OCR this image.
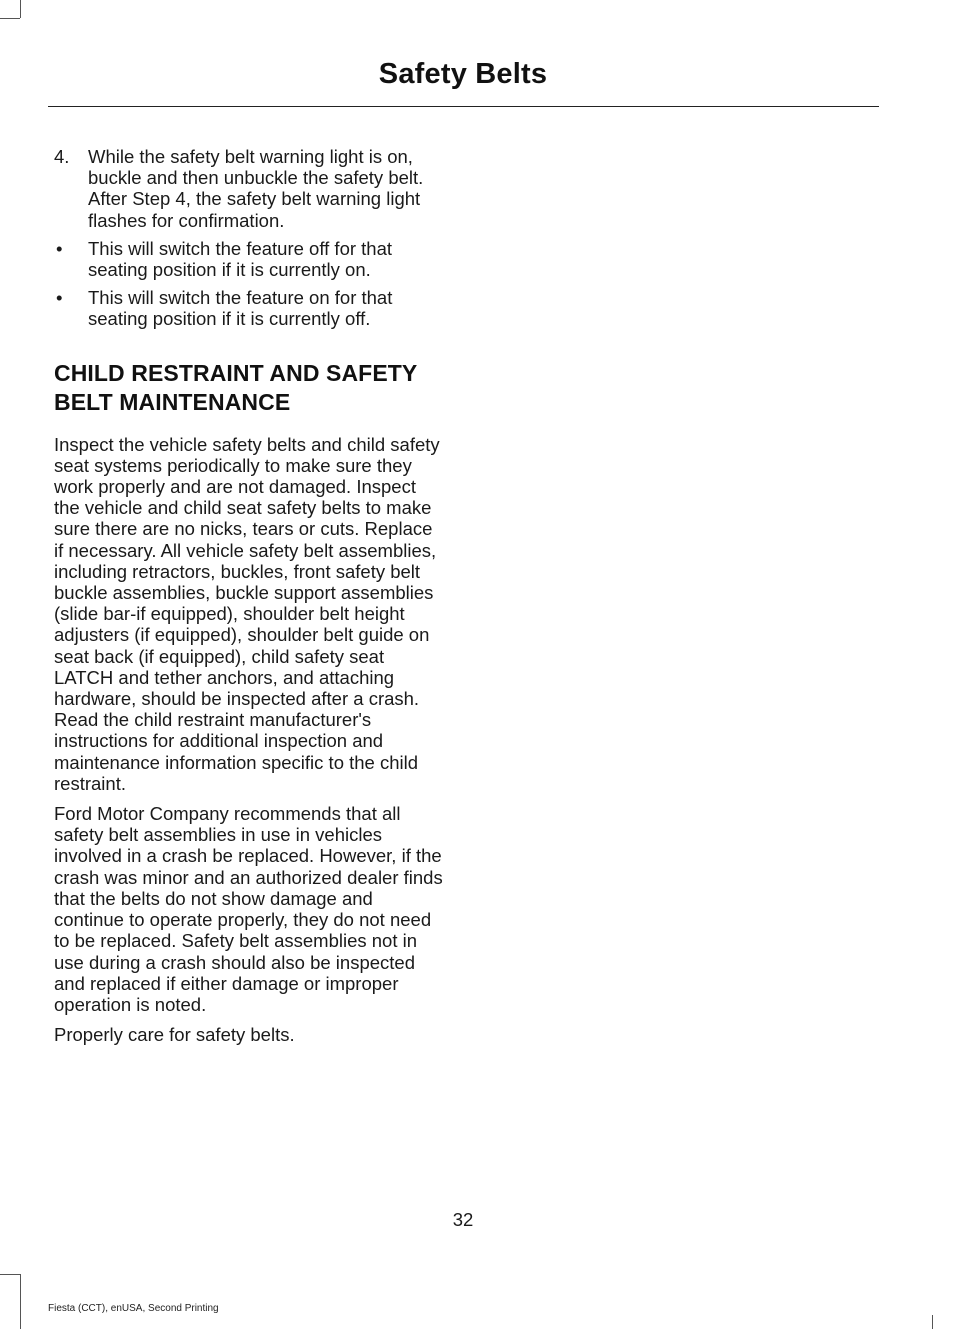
Safety Belts
4. While the safety belt warning light is on, buckle and then unbuckle the safety belt. After Step 4, the safety belt warning light flashes for confirmation.
• This will switch the feature off for that seating position if it is currently on.
• This will switch the feature on for that seating position if it is currently off.
CHILD RESTRAINT AND SAFETY BELT MAINTENANCE

Inspect the vehicle safety belts and child safety seat systems periodically to make sure they work properly and are not damaged. Inspect the vehicle and child seat safety belts to make sure there are no nicks, tears or cuts. Replace if necessary. All vehicle safety belt assemblies, including retractors, buckles, front safety belt buckle assemblies, buckle support assemblies (slide bar-if equipped), shoulder belt height adjusters (if equipped), shoulder belt guide on seat back (if equipped), child safety seat LATCH and tether anchors, and attaching hardware, should be inspected after a crash. Read the child restraint manufacturer's instructions for additional inspection and maintenance information specific to the child restraint.

Ford Motor Company recommends that all safety belt assemblies in use in vehicles involved in a crash be replaced. However, if the crash was minor and an authorized dealer finds that the belts do not show damage and continue to operate properly, they do not need to be replaced. Safety belt assemblies not in use during a crash should also be inspected and replaced if either damage or improper operation is noted.

Properly care for safety belts.

32
Fiesta (CCT), enUSA, Second Printing
